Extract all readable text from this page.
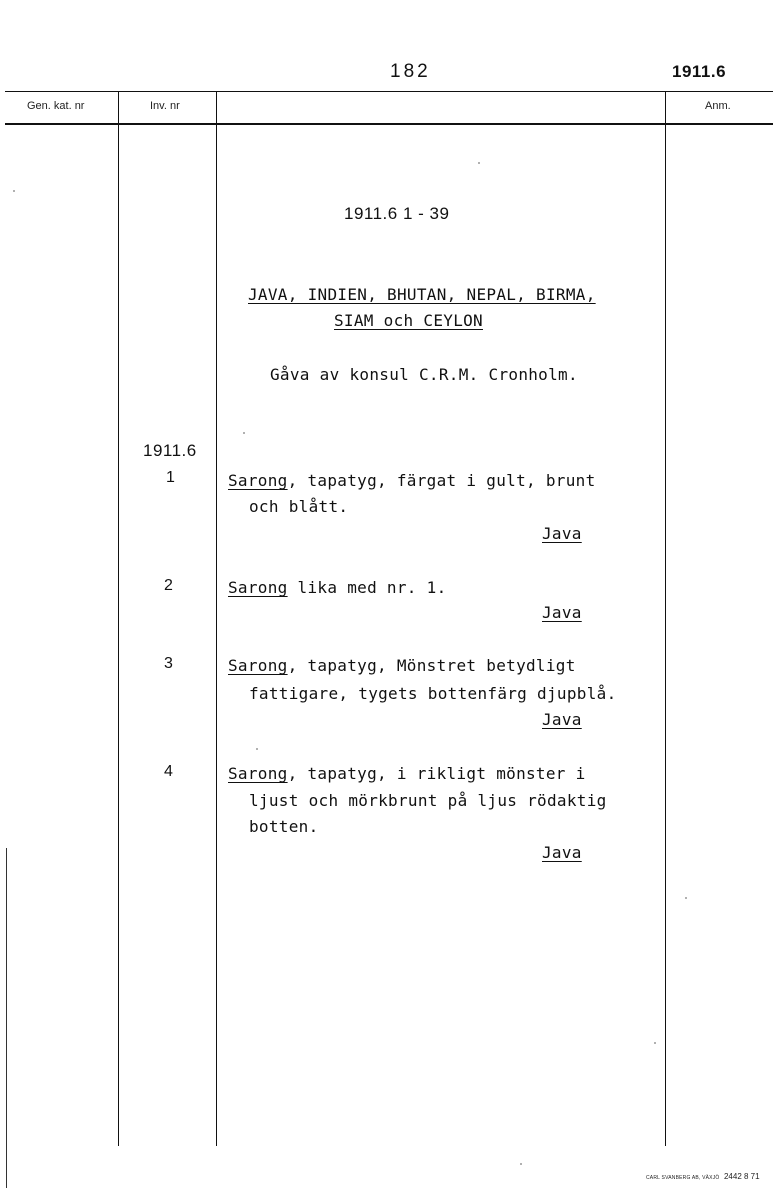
182	1911.6
Gen. kat. nr	Inv. nr	Anm.
1911.6 1 - 39
JAVA, INDIEN, BHUTAN, NEPAL, BIRMA,
SIAM och CEYLON
Gåva av konsul C.R.M. Cronholm.
1911.6
1	Sarong, tapatyg, färgat i gult, brunt
och blått.
Java
2	Sarong lika med nr. 1.
Java
3	Sarong, tapatyg, Mönstret betydligt
fattigare, tygets bottenfärg djupblå.
Java
4	Sarong, tapatyg, i rikligt mönster i
ljust och mörkbrunt på ljus rödaktig
botten.
Java
CARL SVANBERG AB, VÄXJÖ 2442 8 71
